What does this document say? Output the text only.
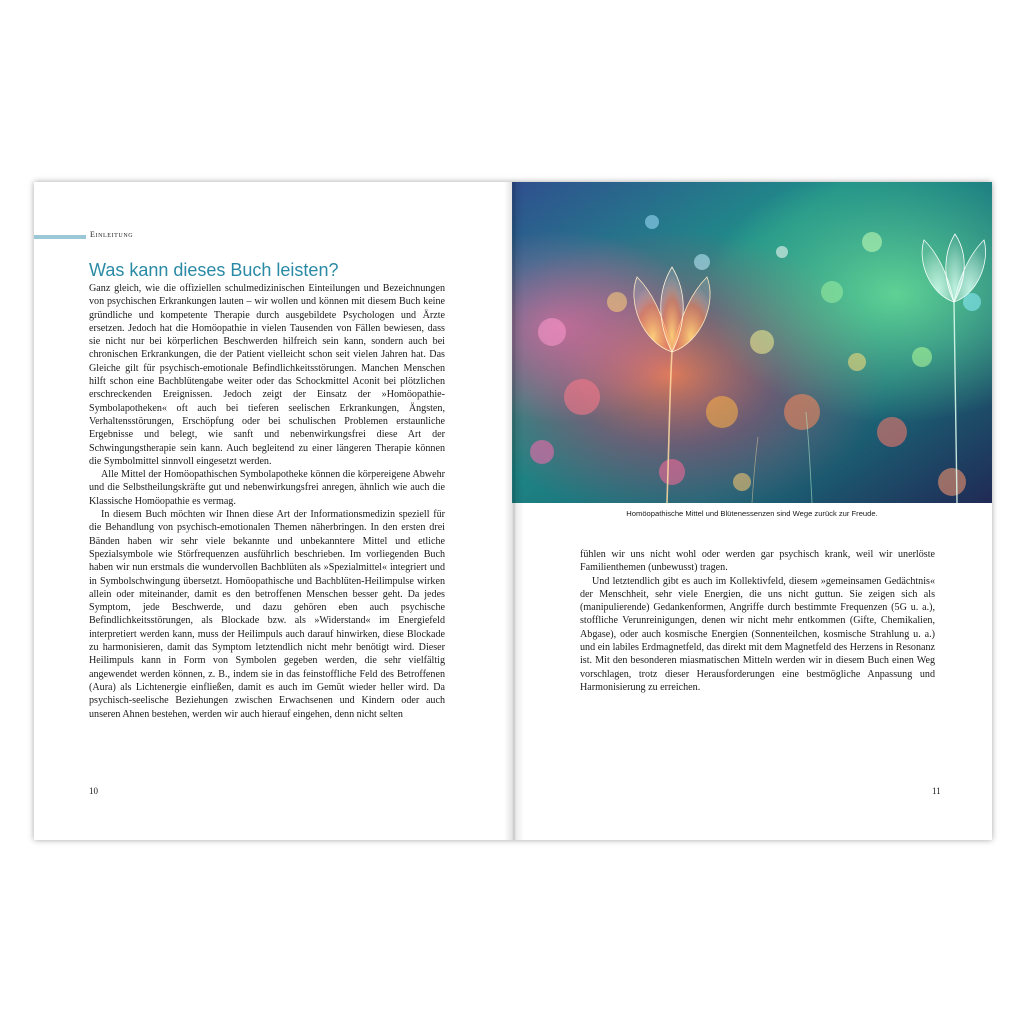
Einleitung
Was kann dieses Buch leisten?

Ganz gleich, wie die offiziellen schulmedizinischen Einteilungen und Bezeichnungen von psychischen Erkrankungen lauten – wir wollen und können mit diesem Buch keine gründliche und kompetente Therapie durch ausgebildete Psychologen und Ärzte ersetzen. Jedoch hat die Homöopathie in vielen Tausenden von Fällen bewiesen, dass sie nicht nur bei körperlichen Beschwerden hilfreich sein kann, sondern auch bei chronischen Erkrankungen, die der Patient vielleicht schon seit vielen Jahren hat. Das Gleiche gilt für psychisch-emotionale Befindlichkeitsstörungen. Manchen Menschen hilft schon eine Bachblütengabe weiter oder das Schockmittel Aconit bei plötzlichen erschreckenden Ereignissen. Jedoch zeigt der Einsatz der »Homöopathie-Symbolapotheken« oft auch bei tieferen seelischen Erkrankungen, Ängsten, Verhaltensstörungen, Erschöpfung oder bei schulischen Problemen erstaunliche Ergebnisse und belegt, wie sanft und nebenwirkungsfrei diese Art der Schwingungstherapie sein kann. Auch begleitend zu einer längeren Therapie können die Symbolmittel sinnvoll eingesetzt werden.

Alle Mittel der Homöopathischen Symbolapotheke können die körpereigene Abwehr und die Selbstheilungskräfte gut und nebenwirkungsfrei anregen, ähnlich wie auch die Klassische Homöopathie es vermag.

In diesem Buch möchten wir Ihnen diese Art der Informationsmedizin speziell für die Behandlung von psychisch-emotionalen Themen näherbringen. In den ersten drei Bänden haben wir sehr viele bekannte und unbekanntere Mittel und etliche Spezialsymbole wie Störfrequenzen ausführlich beschrieben. Im vorliegenden Buch haben wir nun erstmals die wundervollen Bachblüten als »Spezialmittel« integriert und in Symbolschwingung übersetzt. Homöopathische und Bachblüten-Heilimpulse wirken allein oder miteinander, damit es den betroffenen Menschen besser geht. Da jedes Symptom, jede Beschwerde, und dazu gehören eben auch psychische Befindlichkeitsstörungen, als Blockade bzw. als »Widerstand« im Energiefeld interpretiert werden kann, muss der Heilimpuls auch darauf hinwirken, diese Blockade zu harmonisieren, damit das Symptom letztendlich nicht mehr benötigt wird. Dieser Heilimpuls kann in Form von Symbolen gegeben werden, die sehr vielfältig angewendet werden können, z. B., indem sie in das feinstoffliche Feld des Betroffenen (Aura) als Lichtenergie einfließen, damit es auch im Gemüt wieder heller wird. Da psychisch-seelische Beziehungen zwischen Erwachsenen und Kindern oder auch unseren Ahnen bestehen, werden wir auch hierauf eingehen, denn nicht selten

10
Homöopathische Mittel und Blütenessenzen sind Wege zurück zur Freude.

fühlen wir uns nicht wohl oder werden gar psychisch krank, weil wir unerlöste Familienthemen (unbewusst) tragen.

Und letztendlich gibt es auch im Kollektivfeld, diesem »gemeinsamen Gedächtnis« der Menschheit, sehr viele Energien, die uns nicht guttun. Sie zeigen sich als (manipulierende) Gedankenformen, Angriffe durch bestimmte Frequenzen (5G u. a.), stoffliche Verunreinigungen, denen wir nicht mehr entkommen (Gifte, Chemikalien, Abgase), oder auch kosmische Energien (Sonnenteilchen, kosmische Strahlung u. a.) und ein labiles Erdmagnetfeld, das direkt mit dem Magnetfeld des Herzens in Resonanz ist. Mit den besonderen miasmatischen Mitteln werden wir in diesem Buch einen Weg vorschlagen, trotz dieser Herausforderungen eine bestmögliche Anpassung und Harmonisierung zu erreichen.

11
